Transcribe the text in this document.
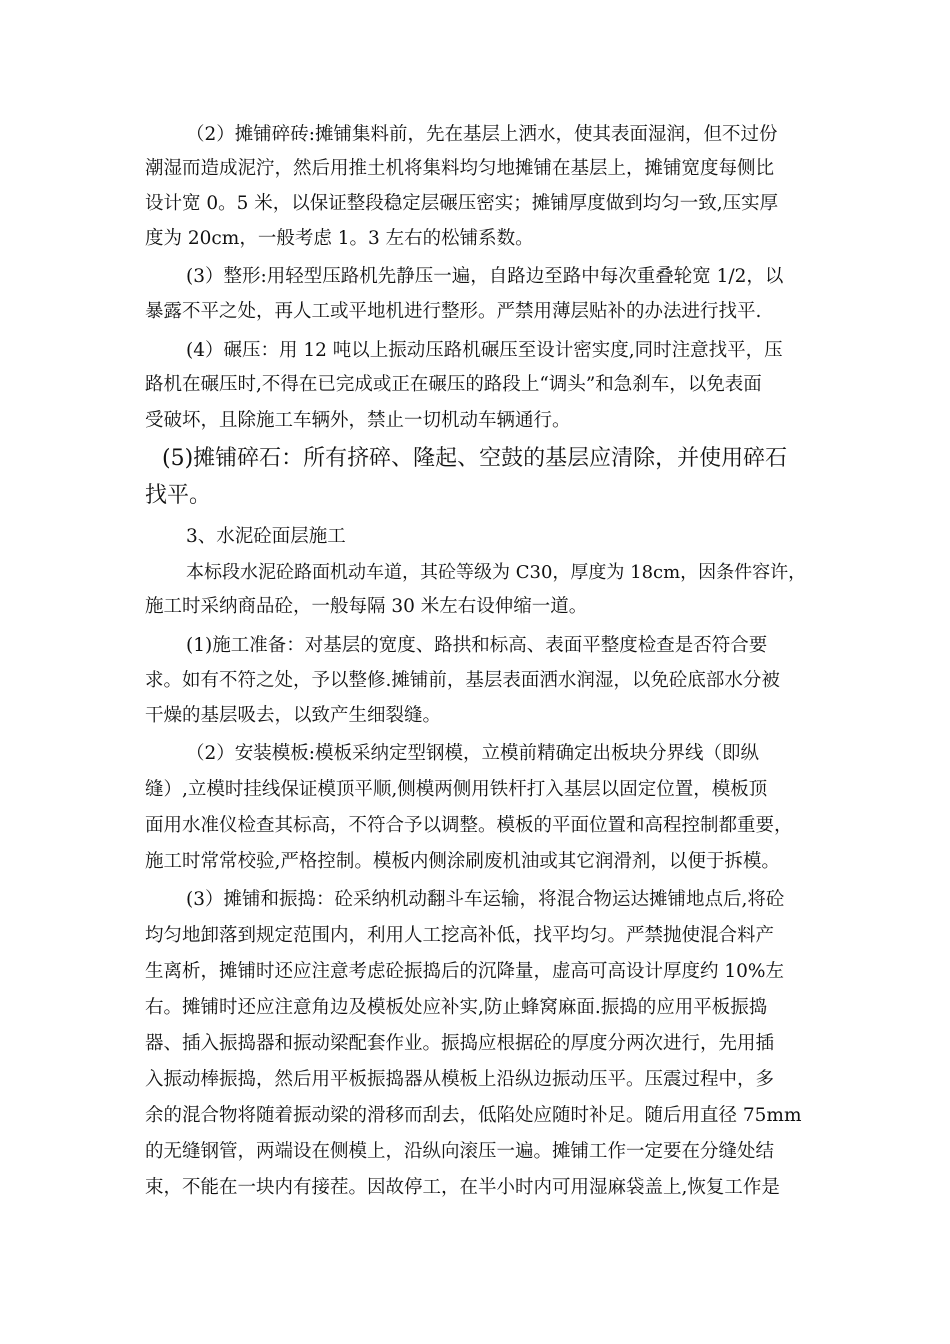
（2）摊铺碎砖:摊铺集料前，先在基层上洒水，使其表面湿润，但不过份
潮湿而造成泥泞，然后用推土机将集料均匀地摊铺在基层上，摊铺宽度每侧比
设计宽 0。5 米，以保证整段稳定层碾压密实；摊铺厚度做到均匀一致,压实厚
度为 20cm，一般考虑 1。3 左右的松铺系数。
(3）整形:用轻型压路机先静压一遍，自路边至路中每次重叠轮宽 1/2，以
暴露不平之处，再人工或平地机进行整形。严禁用薄层贴补的办法进行找平.
(4）碾压：用 12 吨以上振动压路机碾压至设计密实度,同时注意找平，压
路机在碾压时,不得在已完成或正在碾压的路段上“调头”和急刹车，以免表面
受破坏，且除施工车辆外，禁止一切机动车辆通行。
(5)摊铺碎石：所有挤碎、隆起、空鼓的基层应清除，并使用碎石
找平。
3、水泥砼面层施工
本标段水泥砼路面机动车道，其砼等级为 C30，厚度为 18cm，因条件容许，
施工时采纳商品砼，一般每隔 30 米左右设伸缩一道。
(1)施工准备：对基层的宽度、路拱和标高、表面平整度检查是否符合要
求。如有不符之处，予以整修.摊铺前，基层表面洒水润湿，以免砼底部水分被
干燥的基层吸去，以致产生细裂缝。
（2）安装模板:模板采纳定型钢模，立模前精确定出板块分界线（即纵
缝）,立模时挂线保证模顶平顺,侧模两侧用铁杆打入基层以固定位置，模板顶
面用水准仪检查其标高，不符合予以调整。模板的平面位置和高程控制都重要，
施工时常常校验,严格控制。模板内侧涂刷废机油或其它润滑剂，以便于拆模。
(3）摊铺和振捣：砼采纳机动翻斗车运输，将混合物运达摊铺地点后,将砼
均匀地卸落到规定范围内，利用人工挖高补低，找平均匀。严禁抛使混合料产
生离析，摊铺时还应注意考虑砼振捣后的沉降量，虚高可高设计厚度约 10%左
右。摊铺时还应注意角边及模板处应补实,防止蜂窝麻面.振捣的应用平板振捣
器、插入振捣器和振动梁配套作业。振捣应根据砼的厚度分两次进行，先用插
入振动棒振捣，然后用平板振捣器从模板上沿纵边振动压平。压震过程中，多
余的混合物将随着振动梁的滑移而刮去，低陷处应随时补足。随后用直径 75mm
的无缝钢管，两端设在侧模上，沿纵向滚压一遍。摊铺工作一定要在分缝处结
束，不能在一块内有接茬。因故停工，在半小时内可用湿麻袋盖上,恢复工作是
